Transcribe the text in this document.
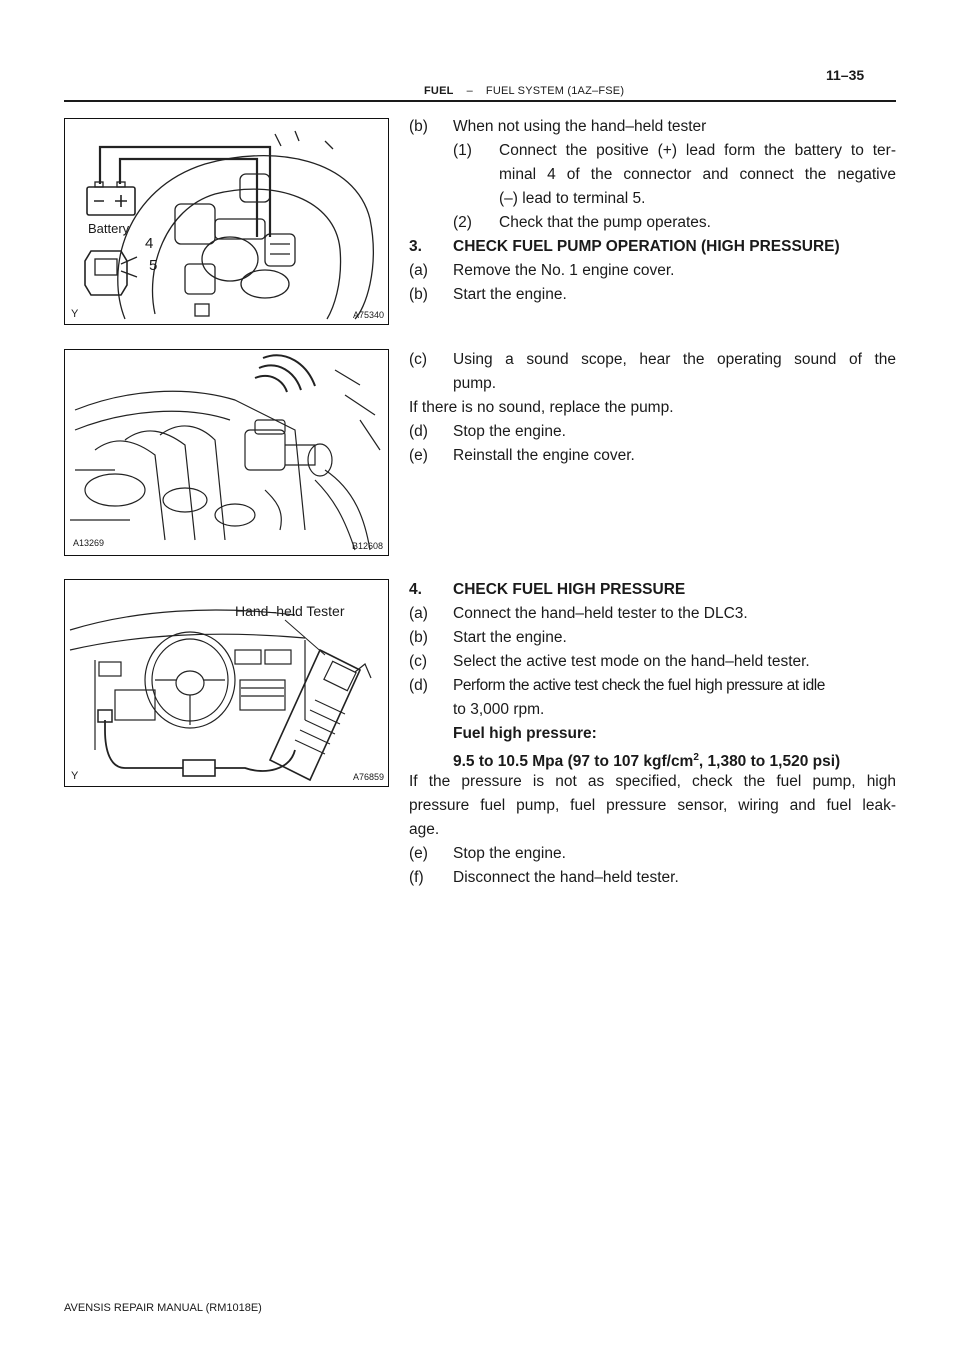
FUEL – FUEL SYSTEM (1AZ–FSE)
11–35
Battery
4
5
Y	A75340
A13269	B12608
Hand–held Tester
Y	A76859
(b) When not using the hand–held tester
(1) Connect the positive (+) lead form the battery to ter-
minal 4 of the connector and connect the negative
(–) lead to terminal 5.
(2) Check that the pump operates.
3. CHECK FUEL PUMP OPERATION (HIGH PRESSURE)
(a) Remove the No. 1 engine cover.
(b) Start the engine.
(c) Using a sound scope, hear the operating sound of the
pump.
If there is no sound, replace the pump.
(d) Stop the engine.
(e) Reinstall the engine cover.
4. CHECK FUEL HIGH PRESSURE
(a) Connect the hand–held tester to the DLC3.
(b) Start the engine.
(c) Select the active test mode on the hand–held tester.
(d) Perform the active test check the fuel high pressure at idle
to 3,000 rpm.
Fuel high pressure:
9.5 to 10.5 Mpa (97 to 107 kgf/$cm^2$, 1,380 to 1,520 psi)
If the pressure is not as specified, check the fuel pump, high
pressure fuel pump, fuel pressure sensor, wiring and fuel leak-
age.
(e) Stop the engine.
(f) Disconnect the hand–held tester.
AVENSIS REPAIR MANUAL (RM1018E)
